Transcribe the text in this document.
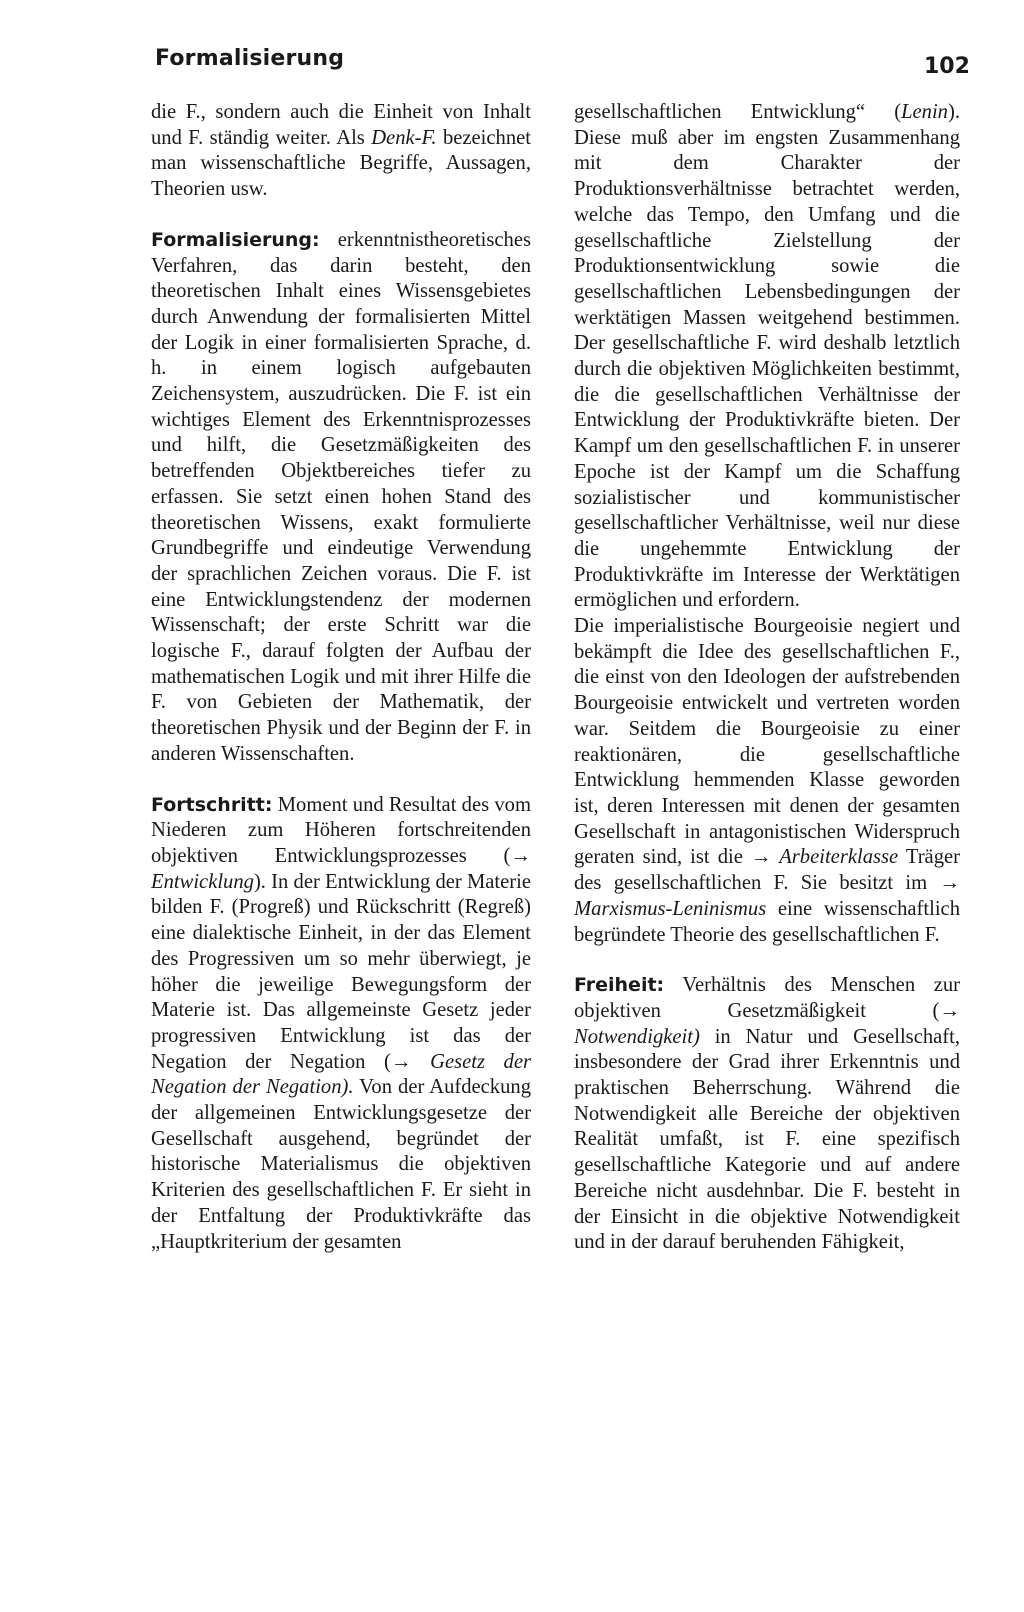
Formalisierung	102

die F., sondern auch die Einheit von Inhalt und F. ständig weiter. Als Denk-F. bezeichnet man wissenschaftliche Begriffe, Aussagen, Theorien usw.

Formalisierung: erkenntnistheoretisches Verfahren, das darin besteht, den theoretischen Inhalt eines Wissensgebietes durch Anwendung der formalisierten Mittel der Logik in einer formalisierten Sprache, d. h. in einem logisch aufgebauten Zeichensystem, auszudrücken. Die F. ist ein wichtiges Element des Erkenntnisprozesses und hilft, die Gesetzmäßigkeiten des betreffenden Objektbereiches tiefer zu erfassen. Sie setzt einen hohen Stand des theoretischen Wissens, exakt formulierte Grundbegriffe und eindeutige Verwendung der sprachlichen Zeichen voraus. Die F. ist eine Entwicklungstendenz der modernen Wissenschaft; der erste Schritt war die logische F., darauf folgten der Aufbau der mathematischen Logik und mit ihrer Hilfe die F. von Gebieten der Mathematik, der theoretischen Physik und der Beginn der F. in anderen Wissenschaften.

Fortschritt: Moment und Resultat des vom Niederen zum Höheren fortschreitenden objektiven Entwicklungsprozesses (→ Entwicklung). In der Entwicklung der Materie bilden F. (Progreß) und Rückschritt (Regreß) eine dialektische Einheit, in der das Element des Progressiven um so mehr überwiegt, je höher die jeweilige Bewegungsform der Materie ist. Das allgemeinste Gesetz jeder progressiven Entwicklung ist das der Negation der Negation (→ Gesetz der Negation der Negation). Von der Aufdeckung der allgemeinen Entwicklungsgesetze der Gesellschaft ausgehend, begründet der historische Materialismus die objektiven Kriterien des gesellschaftlichen F. Er sieht in der Entfaltung der Produktivkräfte das „Hauptkriterium der gesamten

gesellschaftlichen Entwicklung“ (Lenin). Diese muß aber im engsten Zusammenhang mit dem Charakter der Produktionsverhältnisse betrachtet werden, welche das Tempo, den Umfang und die gesellschaftliche Zielstellung der Produktionsentwicklung sowie die gesellschaftlichen Lebensbedingungen der werktätigen Massen weitgehend bestimmen. Der gesellschaftliche F. wird deshalb letztlich durch die objektiven Möglichkeiten bestimmt, die die gesellschaftlichen Verhältnisse der Entwicklung der Produktivkräfte bieten. Der Kampf um den gesellschaftlichen F. in unserer Epoche ist der Kampf um die Schaffung sozialistischer und kommunistischer gesellschaftlicher Verhältnisse, weil nur diese die ungehemmte Entwicklung der Produktivkräfte im Interesse der Werktätigen ermöglichen und erfordern.

Die imperialistische Bourgeoisie negiert und bekämpft die Idee des gesellschaftlichen F., die einst von den Ideologen der aufstrebenden Bourgeoisie entwickelt und vertreten worden war. Seitdem die Bourgeoisie zu einer reaktionären, die gesellschaftliche Entwicklung hemmenden Klasse geworden ist, deren Interessen mit denen der gesamten Gesellschaft in antagonistischen Widerspruch geraten sind, ist die → Arbeiterklasse Träger des gesellschaftlichen F. Sie besitzt im → Marxismus-Leninismus eine wissenschaftlich begründete Theorie des gesellschaftlichen F.

Freiheit: Verhältnis des Menschen zur objektiven Gesetzmäßigkeit (→ Notwendigkeit) in Natur und Gesellschaft, insbesondere der Grad ihrer Erkenntnis und praktischen Beherrschung. Während die Notwendigkeit alle Bereiche der objektiven Realität umfaßt, ist F. eine spezifisch gesellschaftliche Kategorie und auf andere Bereiche nicht ausdehnbar. Die F. besteht in der Einsicht in die objektive Notwendigkeit und in der darauf beruhenden Fähigkeit,
